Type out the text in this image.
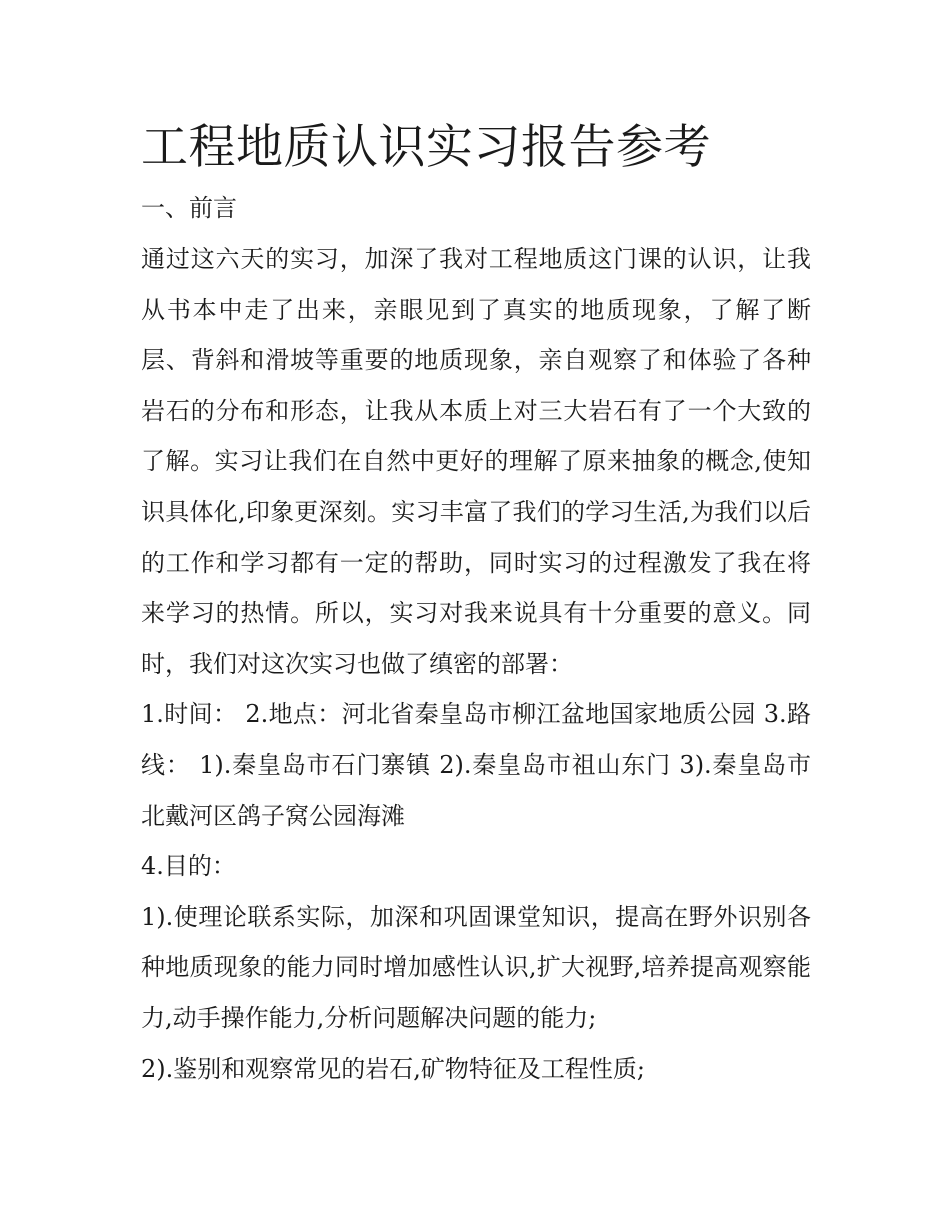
工程地质认识实习报告参考
一、前言

通过这六天的实习，加深了我对工程地质这门课的认识，让我从书本中走了出来，亲眼见到了真实的地质现象，了解了断层、背斜和滑坡等重要的地质现象，亲自观察了和体验了各种岩石的分布和形态，让我从本质上对三大岩石有了一个大致的了解。实习让我们在自然中更好的理解了原来抽象的概念,使知识具体化,印象更深刻。实习丰富了我们的学习生活,为我们以后的工作和学习都有一定的帮助，同时实习的过程激发了我在将来学习的热情。所以，实习对我来说具有十分重要的意义。同时，我们对这次实习也做了缜密的部署：

1.时间： 2.地点：河北省秦皇岛市柳江盆地国家地质公园 3.路线： 1).秦皇岛市石门寨镇 2).秦皇岛市祖山东门 3).秦皇岛市北戴河区鸽子窝公园海滩

4.目的：

1).使理论联系实际，加深和巩固课堂知识，提高在野外识别各种地质现象的能力同时增加感性认识,扩大视野,培养提高观察能力,动手操作能力,分析问题解决问题的能力;
2).鉴别和观察常见的岩石,矿物特征及工程性质;
